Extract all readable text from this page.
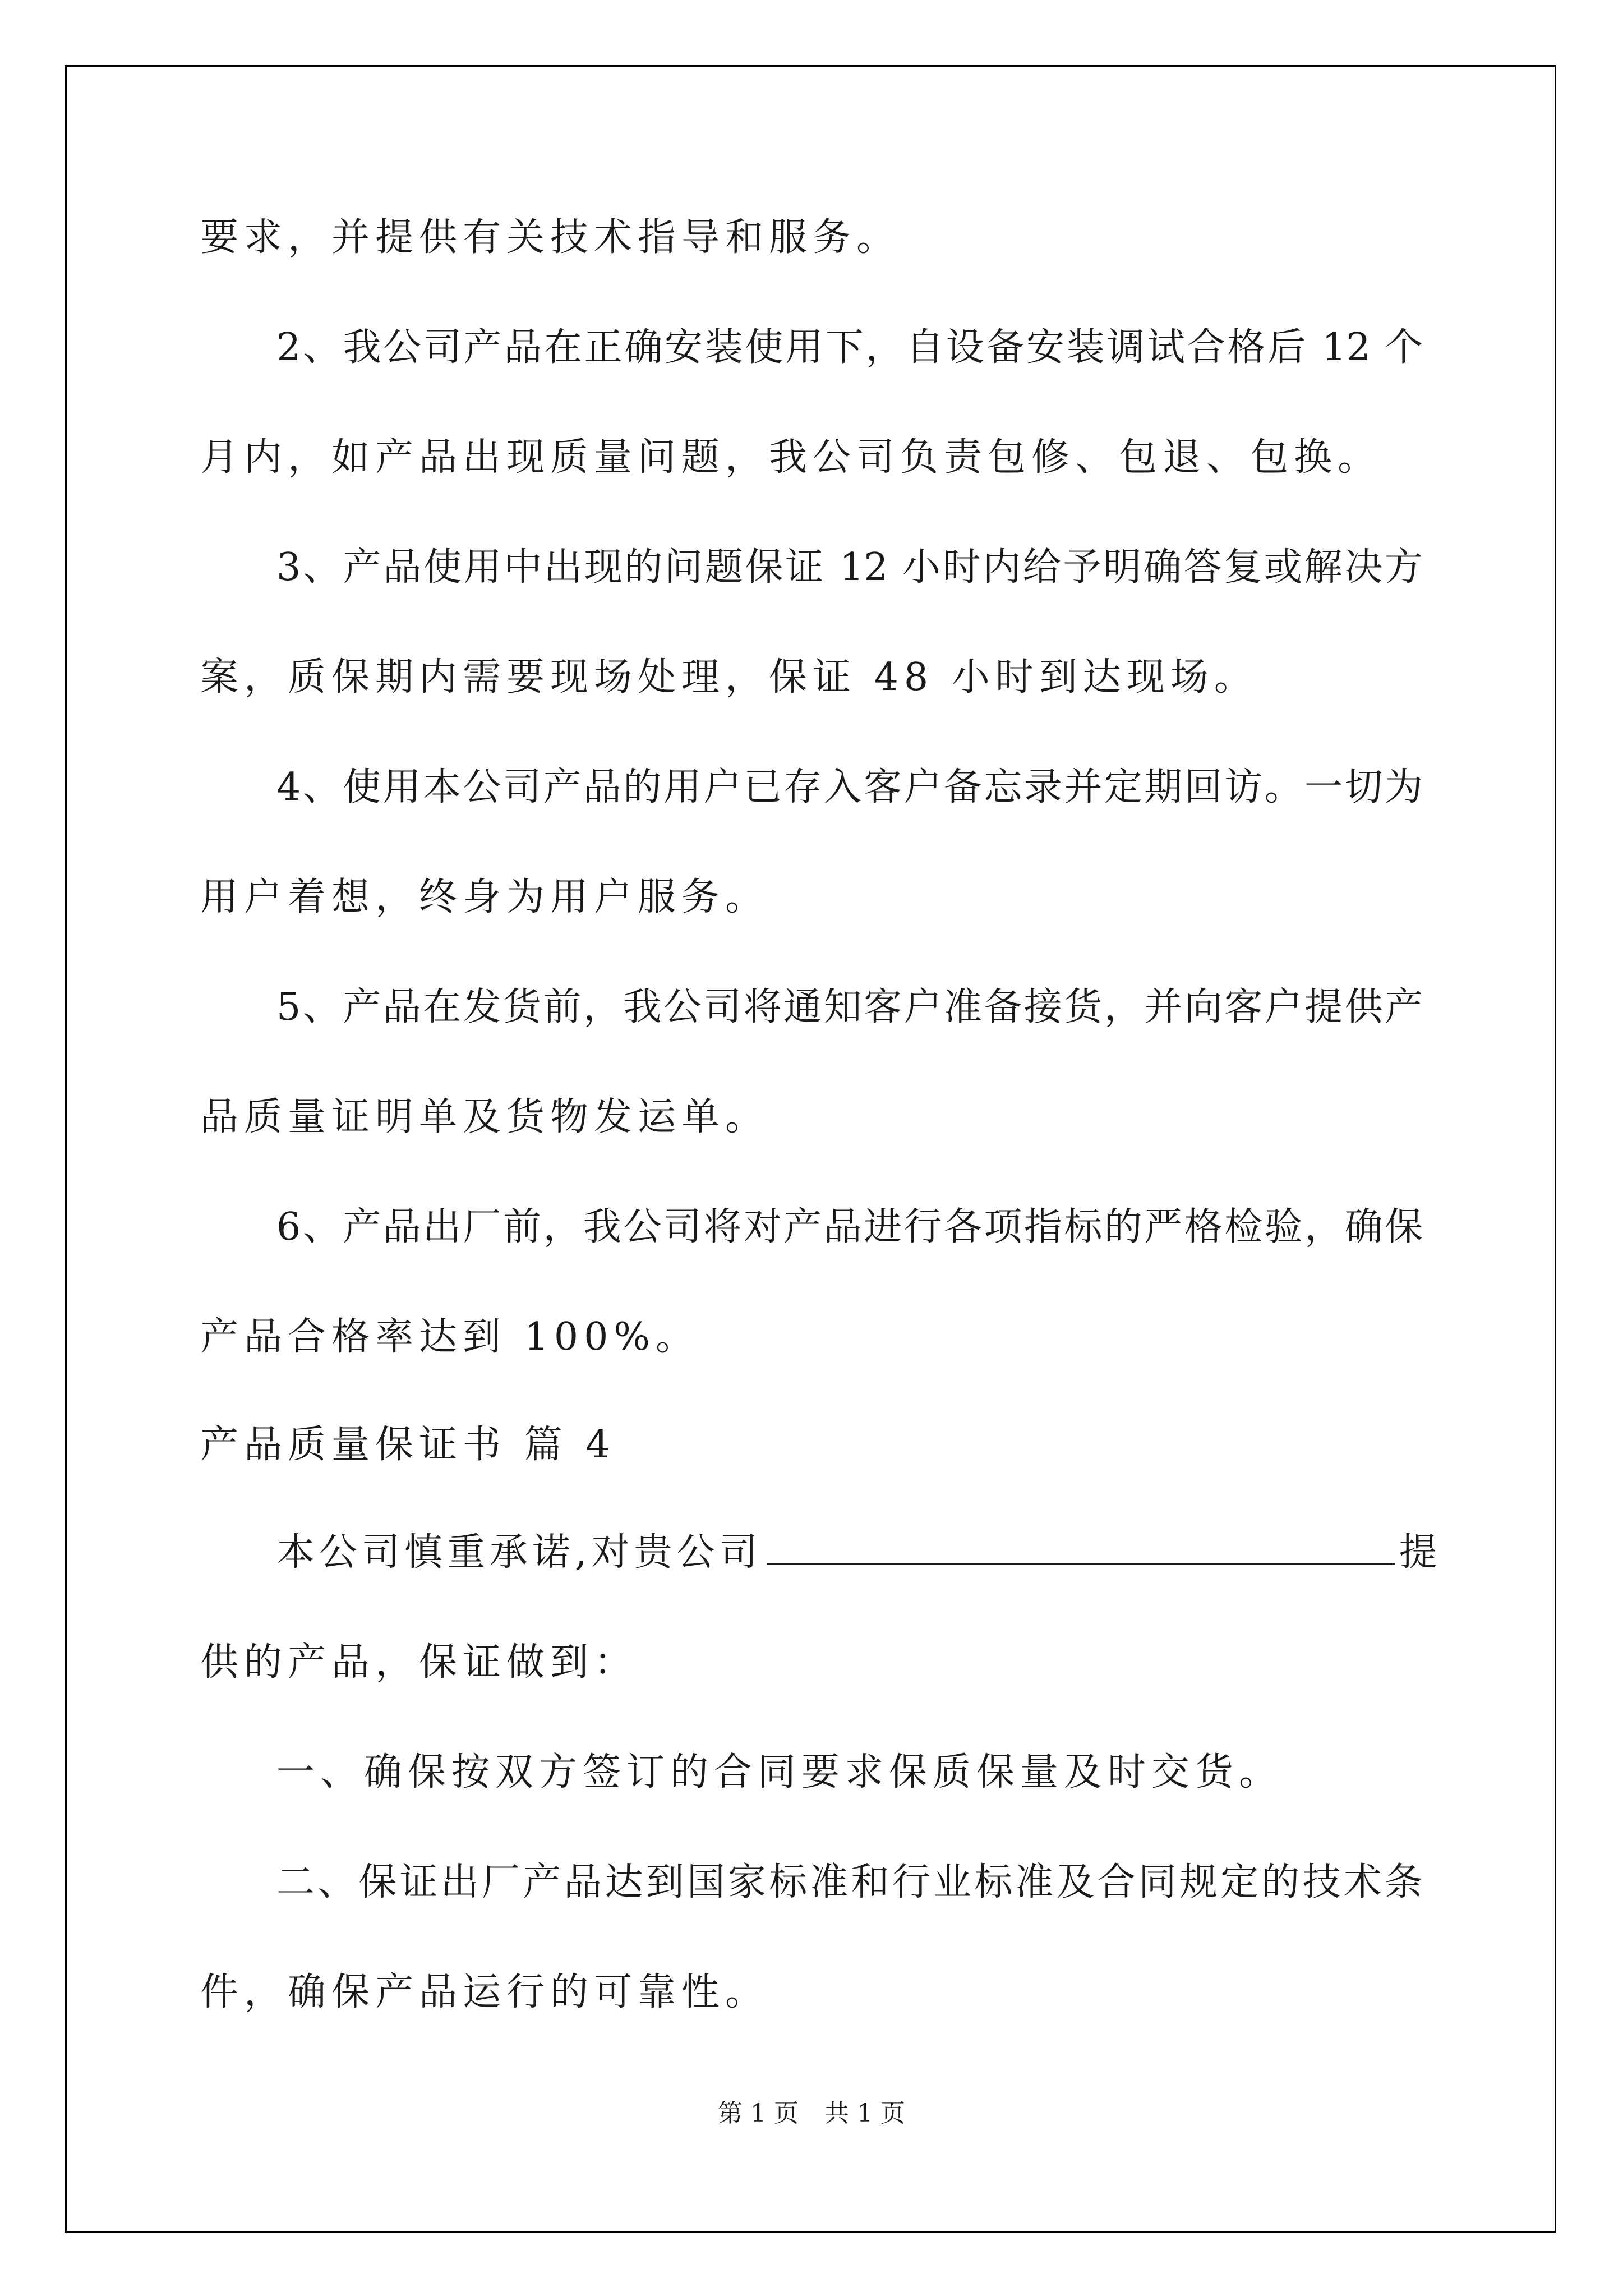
要求，并提供有关技术指导和服务。

2、我公司产品在正确安装使用下，自设备安装调试合格后 12 个

月内，如产品出现质量问题，我公司负责包修、包退、包换。

3、产品使用中出现的问题保证 12 小时内给予明确答复或解决方

案，质保期内需要现场处理，保证 48 小时到达现场。

4、使用本公司产品的用户已存入客户备忘录并定期回访。一切为

用户着想，终身为用户服务。

5、产品在发货前，我公司将通知客户准备接货，并向客户提供产

品质量证明单及货物发运单。

6、产品出厂前，我公司将对产品进行各项指标的严格检验，确保

产品合格率达到 100%。

产品质量保证书 篇 4

本公司慎重承诺,对贵公司	提

供的产品，保证做到：

一、确保按双方签订的合同要求保质保量及时交货。

二、保证出厂产品达到国家标准和行业标准及合同规定的技术条

件，确保产品运行的可靠性。

第 1 页 共 1 页
